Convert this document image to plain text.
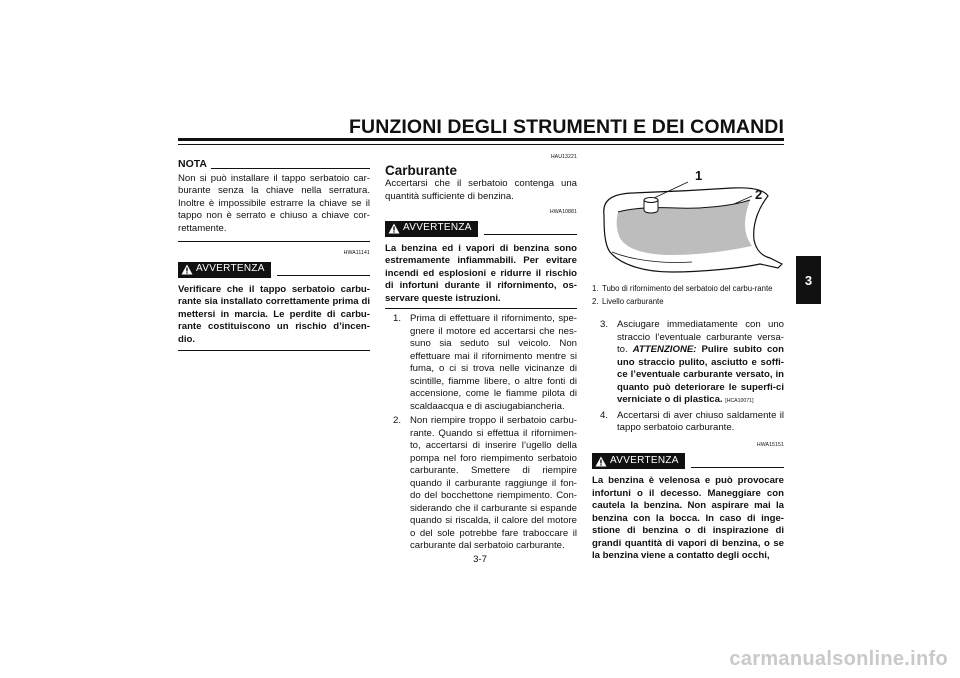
FUNZIONI DEGLI STRUMENTI E DEI COMANDI
3
NOTA

Non si può installare il tappo serbatoio car-burante senza la chiave nella serratura. Inoltre è impossibile estrarre la chiave se il tappo non è serrato e chiuso a chiave cor-rettamente.

HWA11141
AVVERTENZA

Verificare che il tappo serbatoio carbu-rante sia installato correttamente prima di mettersi in marcia. Le perdite di carbu-rante costituiscono un rischio d’incen-dio.

HAU13221
Carburante

Accertarsi che il serbatoio contenga una quantità sufficiente di benzina.

HWA10881
AVVERTENZA

La benzina ed i vapori di benzina sono estremamente infiammabili. Per evitare incendi ed esplosioni e ridurre il rischio di infortuni durante il rifornimento, os-servare queste istruzioni.

1. Prima di effettuare il rifornimento, spe-gnere il motore ed accertarsi che nes-suno sia seduto sul veicolo. Non effettuare mai il rifornimento mentre si fuma, o ci si trova nelle vicinanze di scintille, fiamme libere, o altre fonti di accensione, come le fiamme pilota di scaldaacqua e di asciugabiancheria.
2. Non riempire troppo il serbatoio carbu-rante. Quando si effettua il rifornimen-to, accertarsi di inserire l’ugello della pompa nel foro riempimento serbatoio carburante. Smettere di riempire quando il carburante raggiunge il fon-do del bocchettone riempimento. Con-siderando che il carburante si espande quando si riscalda, il calore del motore o del sole potrebbe fare traboccare il carburante dal serbatoio carburante.
1
2
1. Tubo di rifornimento del serbatoio del carbu-rante
2. Livello carburante
3. Asciugare immediatamente con uno straccio l’eventuale carburante versa-to. ATTENZIONE: Pulire subito con uno straccio pulito, asciutto e soffi-ce l’eventuale carburante versato, in quanto può deteriorare le superfi-ci verniciate o di plastica. [HCA10071]
4. Accertarsi di aver chiuso saldamente il tappo serbatoio carburante.
HWA15151
AVVERTENZA

La benzina è velenosa e può provocare infortuni o il decesso. Maneggiare con cautela la benzina. Non aspirare mai la benzina con la bocca. In caso di inge-stione di benzina o di inspirazione di grandi quantità di vapori di benzina, o se la benzina viene a contatto degli occhi,

3-7
carmanualsonline.info
